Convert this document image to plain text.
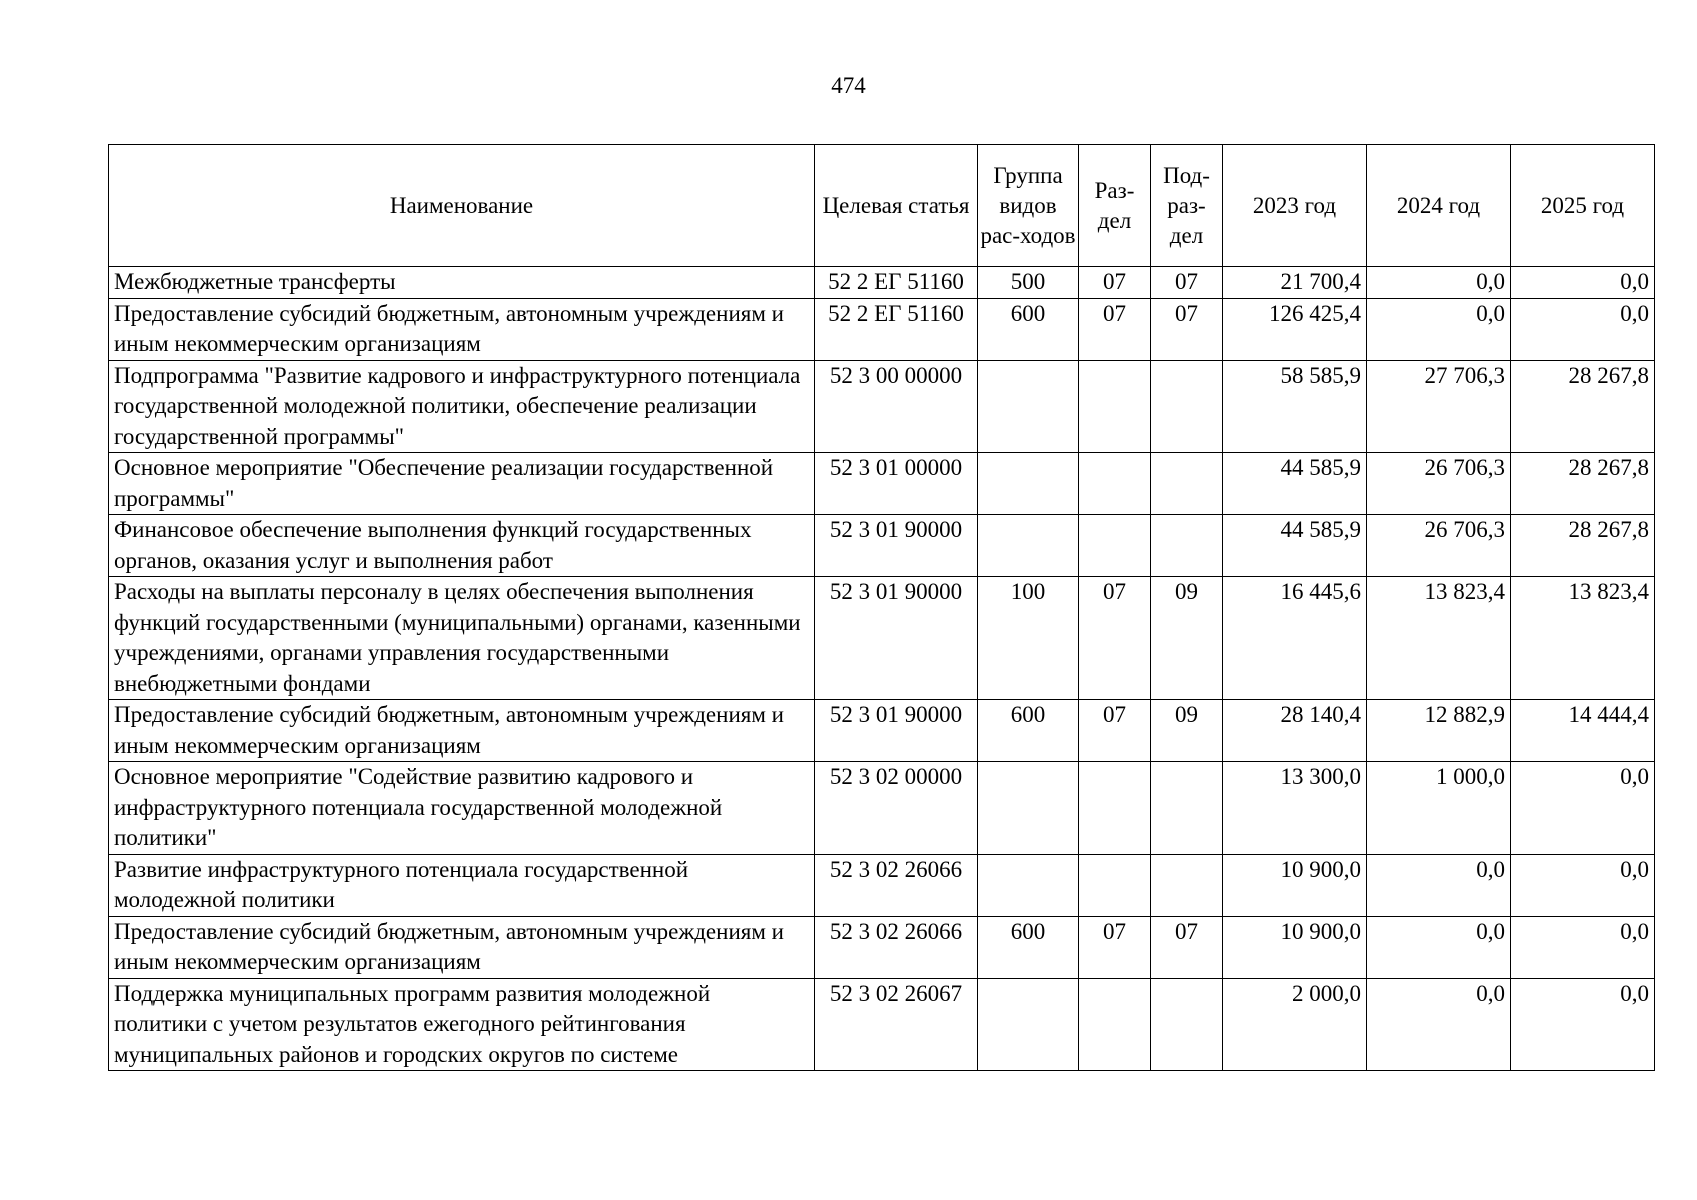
474
Наименование	Целевая статья	Группа видов рас-ходов	Раз-дел	Под-раз-дел	2023 год	2024 год	2025 год
Межбюджетные трансферты	52 2 ЕГ 51160	500	07	07	21 700,4	0,0	0,0
Предоставление субсидий бюджетным, автономным учреждениям и иным некоммерческим организациям	52 2 ЕГ 51160	600	07	07	126 425,4	0,0	0,0
Подпрограмма "Развитие кадрового и инфраструктурного потенциала государственной молодежной политики, обеспечение реализации государственной программы"	52 3 00 00000				58 585,9	27 706,3	28 267,8
Основное мероприятие "Обеспечение реализации государственной программы"	52 3 01 00000				44 585,9	26 706,3	28 267,8
Финансовое обеспечение выполнения функций государственных органов, оказания услуг и выполнения работ	52 3 01 90000				44 585,9	26 706,3	28 267,8
Расходы на выплаты персоналу в целях обеспечения выполнения функций государственными (муниципальными) органами, казенными учреждениями, органами управления государственными внебюджетными фондами	52 3 01 90000	100	07	09	16 445,6	13 823,4	13 823,4
Предоставление субсидий бюджетным, автономным учреждениям и иным некоммерческим организациям	52 3 01 90000	600	07	09	28 140,4	12 882,9	14 444,4
Основное мероприятие "Содействие развитию кадрового и инфраструктурного потенциала государственной молодежной политики"	52 3 02 00000				13 300,0	1 000,0	0,0
Развитие инфраструктурного потенциала государственной молодежной политики	52 3 02 26066				10 900,0	0,0	0,0
Предоставление субсидий бюджетным, автономным учреждениям и иным некоммерческим организациям	52 3 02 26066	600	07	07	10 900,0	0,0	0,0
Поддержка муниципальных программ развития молодежной политики с учетом результатов ежегодного рейтингования муниципальных районов и городских округов по системе	52 3 02 26067				2 000,0	0,0	0,0
